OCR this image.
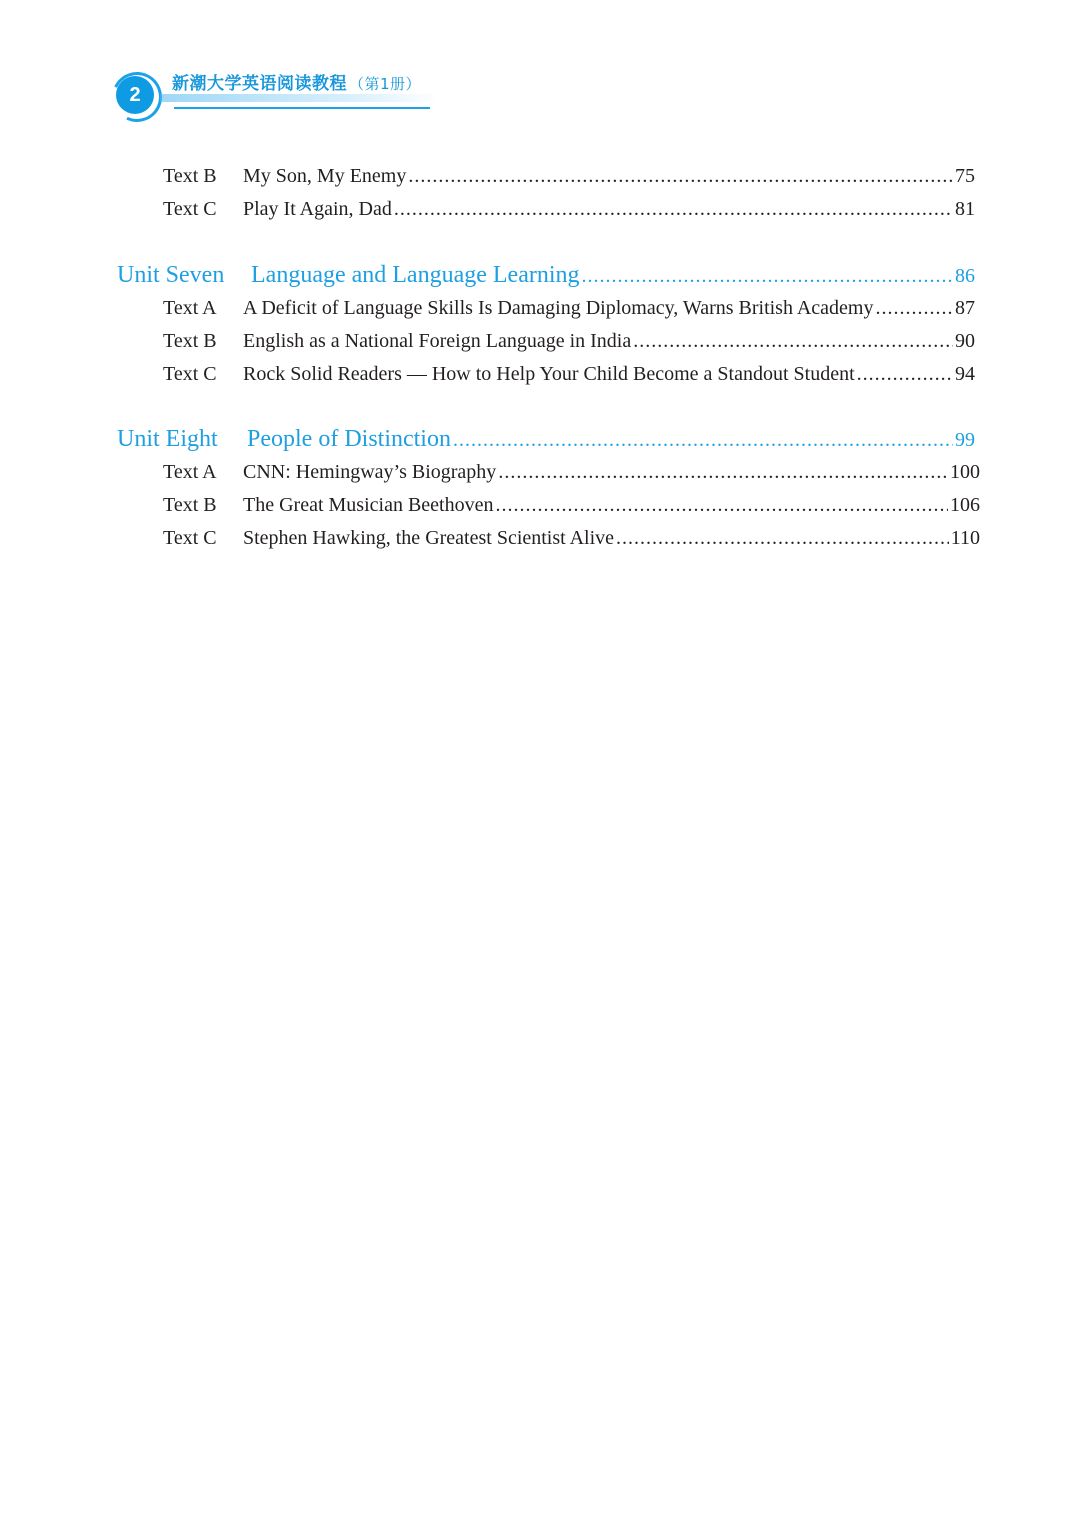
2	新潮大学英语阅读教程 （第1册）
Text B	My Son, My Enemy .....	75
Text C	Play It Again, Dad .....	81
Unit Seven	Language and Language Learning .....	86
Text A	A Deficit of Language Skills Is Damaging Diplomacy, Warns British Academy .....	87
Text B	English as a National Foreign Language in India .....	90
Text C	Rock Solid Readers — How to Help Your Child Become a Standout Student .....	94
Unit Eight	People of Distinction .....	99
Text A	CNN: Hemingway’s Biography .....	100
Text B	The Great Musician Beethoven .....	106
Text C	Stephen Hawking, the Greatest Scientist Alive .....	110
